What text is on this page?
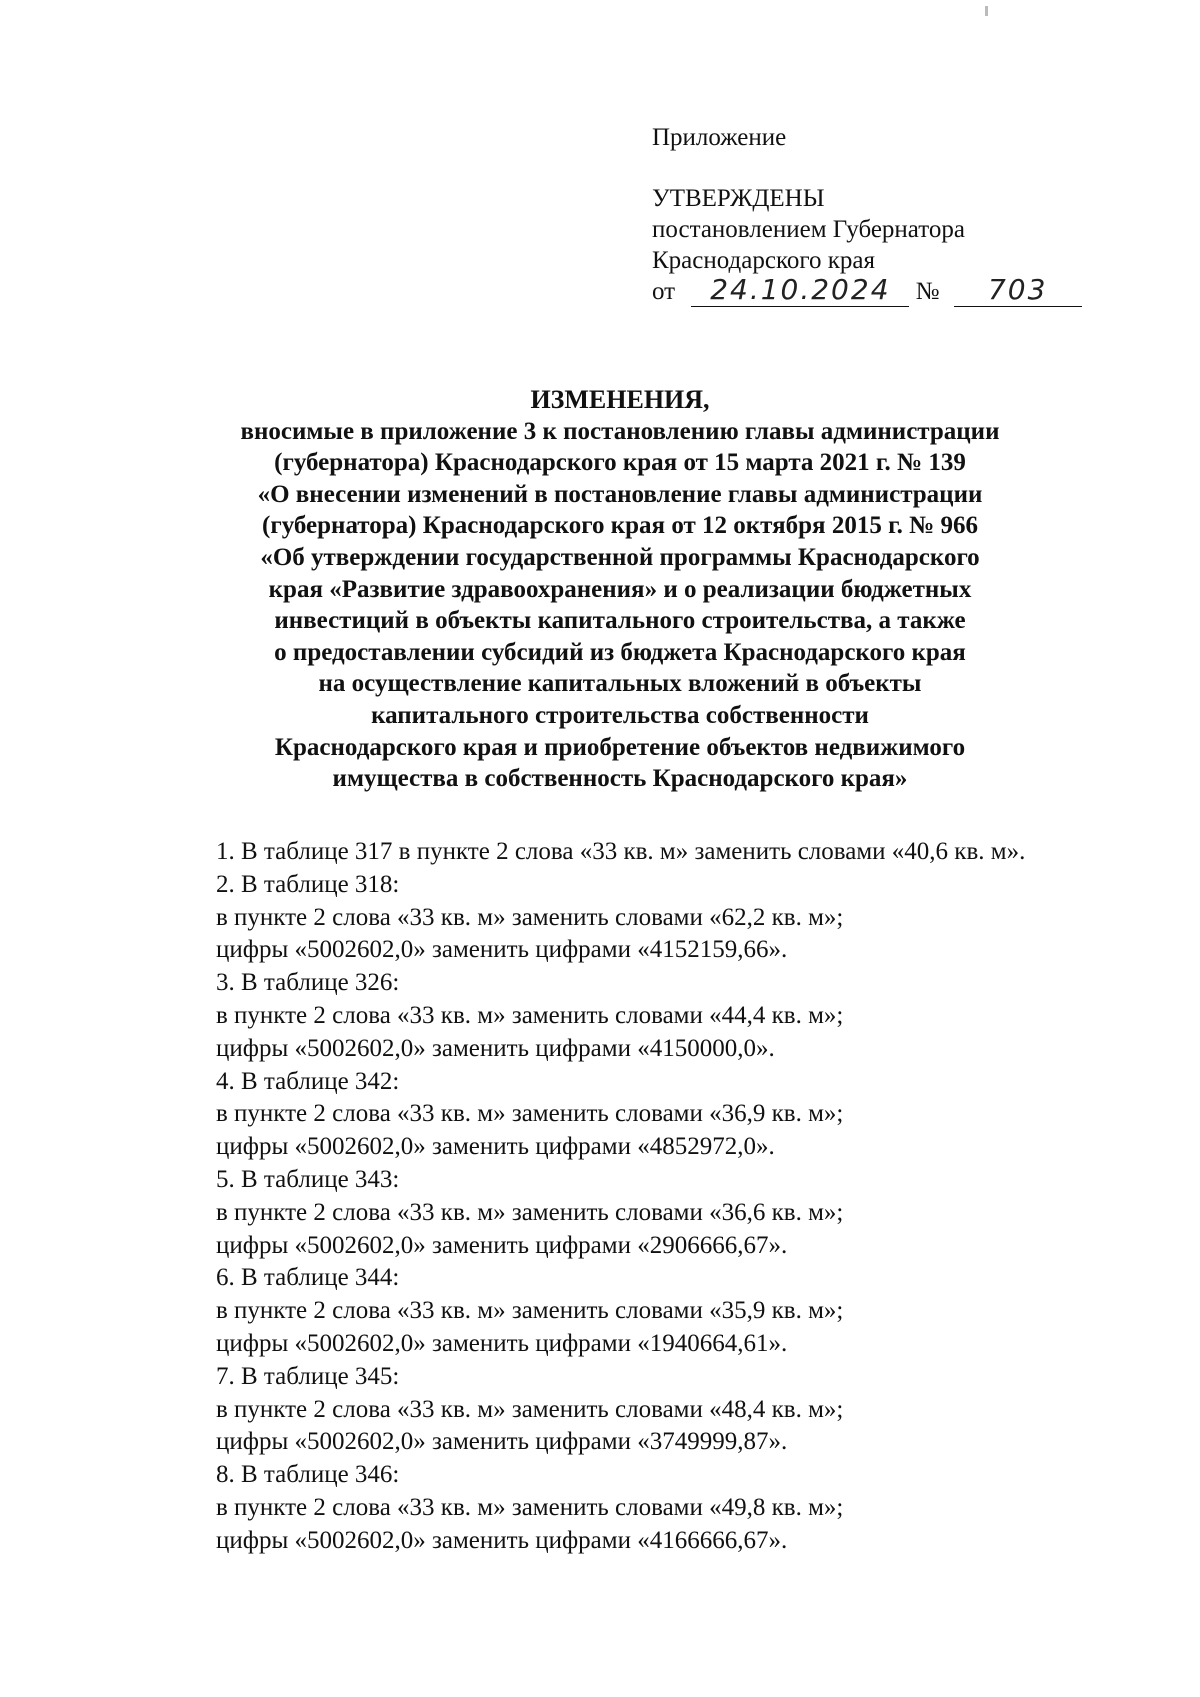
Приложение
УТВЕРЖДЕНЫ
постановлением Губернатора
Краснодарского края
от 24.10.2024 № 703
ИЗМЕНЕНИЯ,
вносимые в приложение 3 к постановлению главы администрации
(губернатора) Краснодарского края от 15 марта 2021 г. № 139
«О внесении изменений в постановление главы администрации
(губернатора) Краснодарского края от 12 октября 2015 г. № 966
«Об утверждении государственной программы Краснодарского
края «Развитие здравоохранения» и о реализации бюджетных
инвестиций в объекты капитального строительства, а также
о предоставлении субсидий из бюджета Краснодарского края
на осуществление капитальных вложений в объекты
капитального строительства собственности
Краснодарского края и приобретение объектов недвижимого
имущества в собственность Краснодарского края»
1. В таблице 317 в пункте 2 слова «33 кв. м» заменить словами «40,6 кв. м».
2. В таблице 318:
в пункте 2 слова «33 кв. м» заменить словами «62,2 кв. м»;
цифры «5002602,0» заменить цифрами «4152159,66».
3. В таблице 326:
в пункте 2 слова «33 кв. м» заменить словами «44,4 кв. м»;
цифры «5002602,0» заменить цифрами «4150000,0».
4. В таблице 342:
в пункте 2 слова «33 кв. м» заменить словами «36,9 кв. м»;
цифры «5002602,0» заменить цифрами «4852972,0».
5. В таблице 343:
в пункте 2 слова «33 кв. м» заменить словами «36,6 кв. м»;
цифры «5002602,0» заменить цифрами «2906666,67».
6. В таблице 344:
в пункте 2 слова «33 кв. м» заменить словами «35,9 кв. м»;
цифры «5002602,0» заменить цифрами «1940664,61».
7. В таблице 345:
в пункте 2 слова «33 кв. м» заменить словами «48,4 кв. м»;
цифры «5002602,0» заменить цифрами «3749999,87».
8. В таблице 346:
в пункте 2 слова «33 кв. м» заменить словами «49,8 кв. м»;
цифры «5002602,0» заменить цифрами «4166666,67».
